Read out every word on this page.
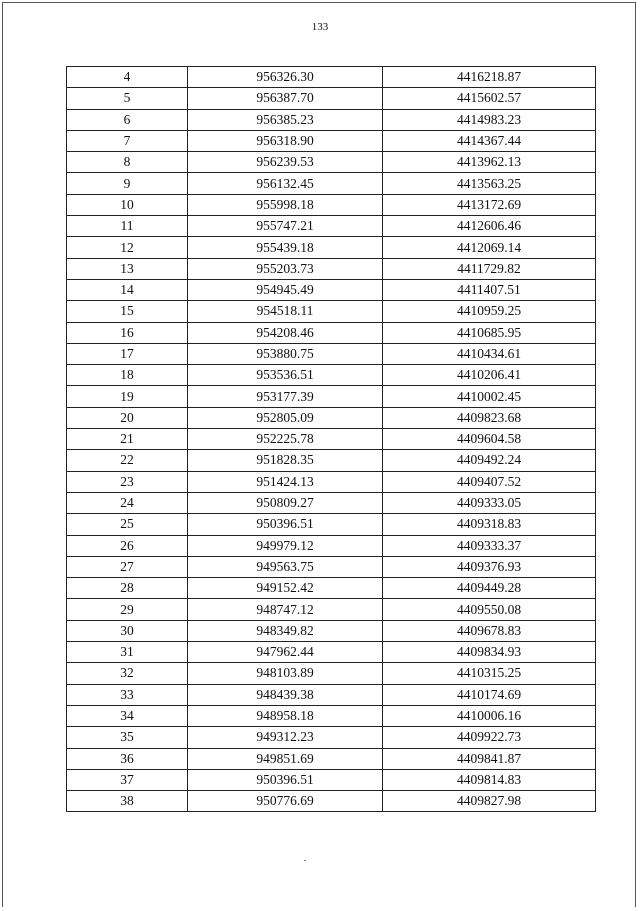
133
4	956326.30	4416218.87
5	956387.70	4415602.57
6	956385.23	4414983.23
7	956318.90	4414367.44
8	956239.53	4413962.13
9	956132.45	4413563.25
10	955998.18	4413172.69
11	955747.21	4412606.46
12	955439.18	4412069.14
13	955203.73	4411729.82
14	954945.49	4411407.51
15	954518.11	4410959.25
16	954208.46	4410685.95
17	953880.75	4410434.61
18	953536.51	4410206.41
19	953177.39	4410002.45
20	952805.09	4409823.68
21	952225.78	4409604.58
22	951828.35	4409492.24
23	951424.13	4409407.52
24	950809.27	4409333.05
25	950396.51	4409318.83
26	949979.12	4409333.37
27	949563.75	4409376.93
28	949152.42	4409449.28
29	948747.12	4409550.08
30	948349.82	4409678.83
31	947962.44	4409834.93
32	948103.89	4410315.25
33	948439.38	4410174.69
34	948958.18	4410006.16
35	949312.23	4409922.73
36	949851.69	4409841.87
37	950396.51	4409814.83
38	950776.69	4409827.98
